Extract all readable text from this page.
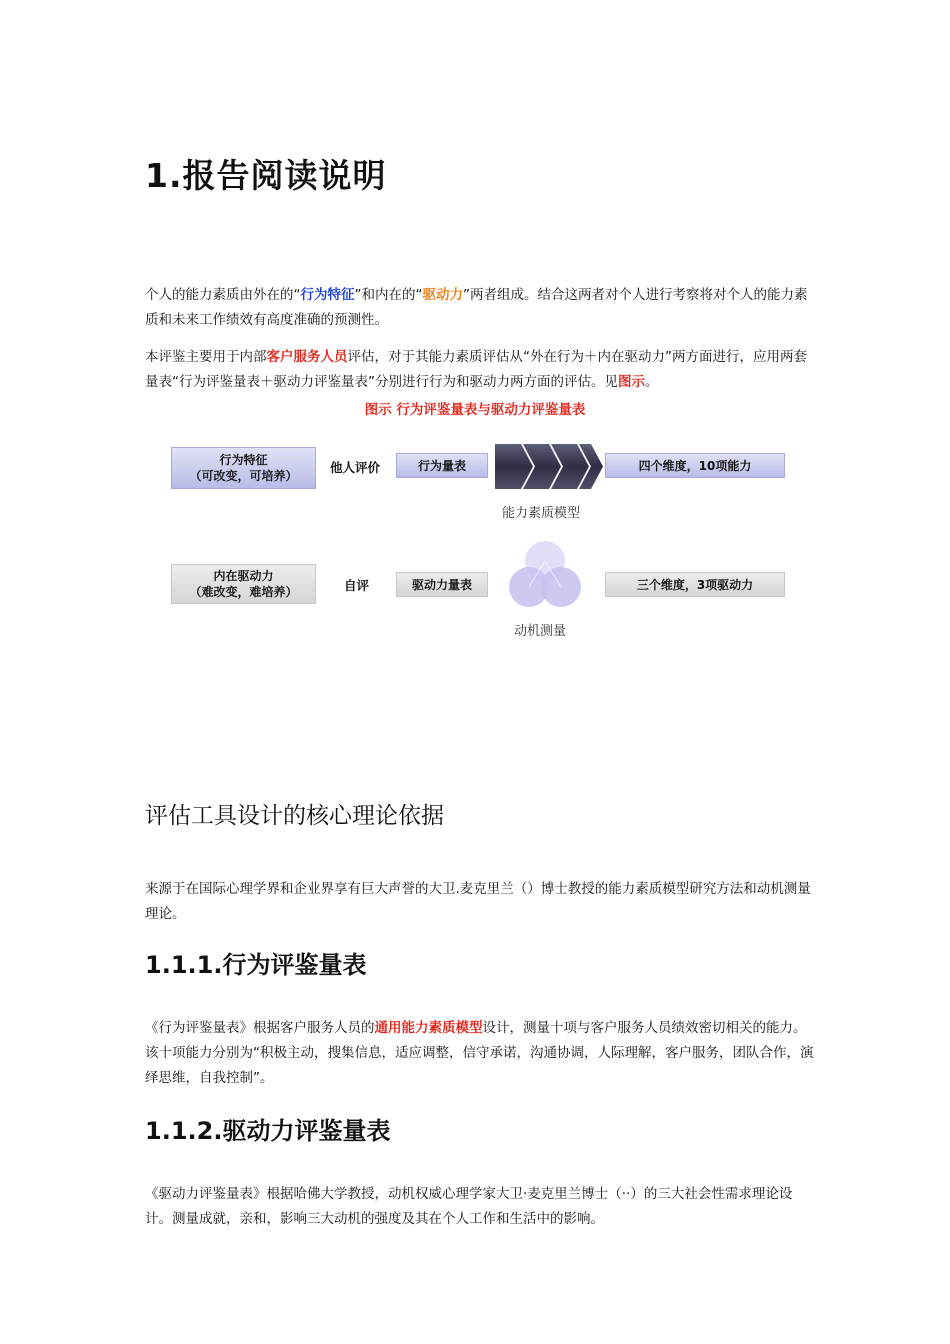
1.报告阅读说明
个人的能力素质由外在的“行为特征”和内在的“驱动力”两者组成。结合这两者对个人进行考察将对个人的能力素质和未来工作绩效有高度准确的预测性。
本评鉴主要用于内部客户服务人员评估，对于其能力素质评估从“外在行为＋内在驱动力”两方面进行，应用两套量表“行为评鉴量表＋驱动力评鉴量表”分别进行行为和驱动力两方面的评估。见图示。
图示 行为评鉴量表与驱动力评鉴量表
行为特征
（可改变，可培养）
他人评价	行为量表	四个维度，10项能力
能力素质模型
内在驱动力
（难改变，难培养）	自评	驱动力量表	三个维度，3项驱动力
动机测量
评估工具设计的核心理论依据
来源于在国际心理学界和企业界享有巨大声誉的大卫.麦克里兰（）博士教授的能力素质模型研究方法和动机测量理论。
1.1.1.行为评鉴量表
《行为评鉴量表》根据客户服务人员的通用能力素质模型设计，测量十项与客户服务人员绩效密切相关的能力。该十项能力分别为“积极主动，搜集信息，适应调整，信守承诺，沟通协调，人际理解，客户服务，团队合作，演绎思维，自我控制”。
1.1.2.驱动力评鉴量表
《驱动力评鉴量表》根据哈佛大学教授，动机权威心理学家大卫·麦克里兰博士（··）的三大社会性需求理论设计。测量成就，亲和，影响三大动机的强度及其在个人工作和生活中的影响。
